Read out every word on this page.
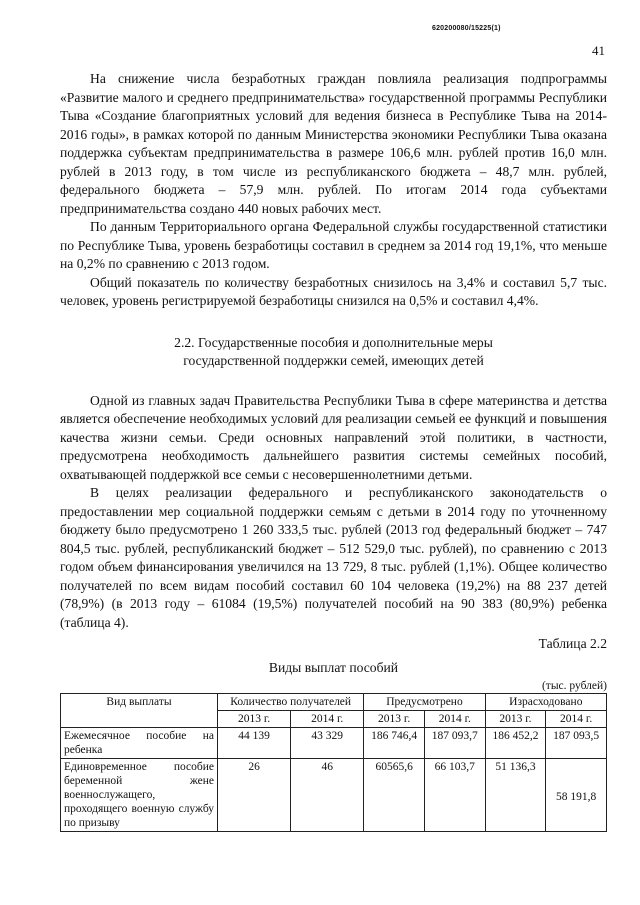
620200080/15225(1)
41

На снижение числа безработных граждан повлияла реализация подпрограммы «Развитие малого и среднего предпринимательства» государственной программы Республики Тыва «Создание благоприятных условий для ведения бизнеса в Республике Тыва на 2014-2016 годы», в рамках которой по данным Министерства экономики Республики Тыва оказана поддержка субъектам предпринимательства в размере 106,6 млн. рублей против 16,0 млн. рублей в 2013 году, в том числе из республиканского бюджета – 48,7 млн. рублей, федерального бюджета – 57,9 млн. рублей. По итогам 2014 года субъектами предпринимательства создано 440 новых рабочих мест.

По данным Территориального органа Федеральной службы государственной статистики по Республике Тыва, уровень безработицы составил в среднем за 2014 год 19,1%, что меньше на 0,2% по сравнению с 2013 годом.

Общий показатель по количеству безработных снизилось на 3,4% и составил 5,7 тыс. человек, уровень регистрируемой безработицы снизился на 0,5% и составил 4,4%.

2.2. Государственные пособия и дополнительные меры
государственной поддержки семей, имеющих детей

Одной из главных задач Правительства Республики Тыва в сфере материнства и детства является обеспечение необходимых условий для реализации семьей ее функций и повышения качества жизни семьи. Среди основных направлений этой политики, в частности, предусмотрена необходимость дальнейшего развития системы семейных пособий, охватывающей поддержкой все семьи с несовершеннолетними детьми.

В целях реализации федерального и республиканского законодательств о предоставлении мер социальной поддержки семьям с детьми в 2014 году по уточненному бюджету было предусмотрено 1 260 333,5 тыс. рублей (2013 год федеральный бюджет – 747 804,5 тыс. рублей, республиканский бюджет – 512 529,0 тыс. рублей), по сравнению с 2013 годом объем финансирования увеличился на 13 729, 8 тыс. рублей (1,1%). Общее количество получателей по всем видам пособий составил 60 104 человека (19,2%) на 88 237 детей (78,9%) (в 2013 году – 61084 (19,5%) получателей пособий на 90 383 (80,9%) ребенка (таблица 4).

Таблица 2.2

Виды выплат пособий

(тыс. рублей)

Вид выплаты	Количество получателей		Предусмотрено		Израсходовано	
	2013 г.	2014 г.	2013 г.	2014 г.	2013 г.	2014 г.
Ежемесячное пособие на ребенка	44 139	43 329	186 746,4	187 093,7	186 452,2	187 093,5
Единовременное пособие беременной жене военнослужащего, проходящего военную службу по призыву	26	46	60565,6	66 103,7	51 136,3	58 191,8
